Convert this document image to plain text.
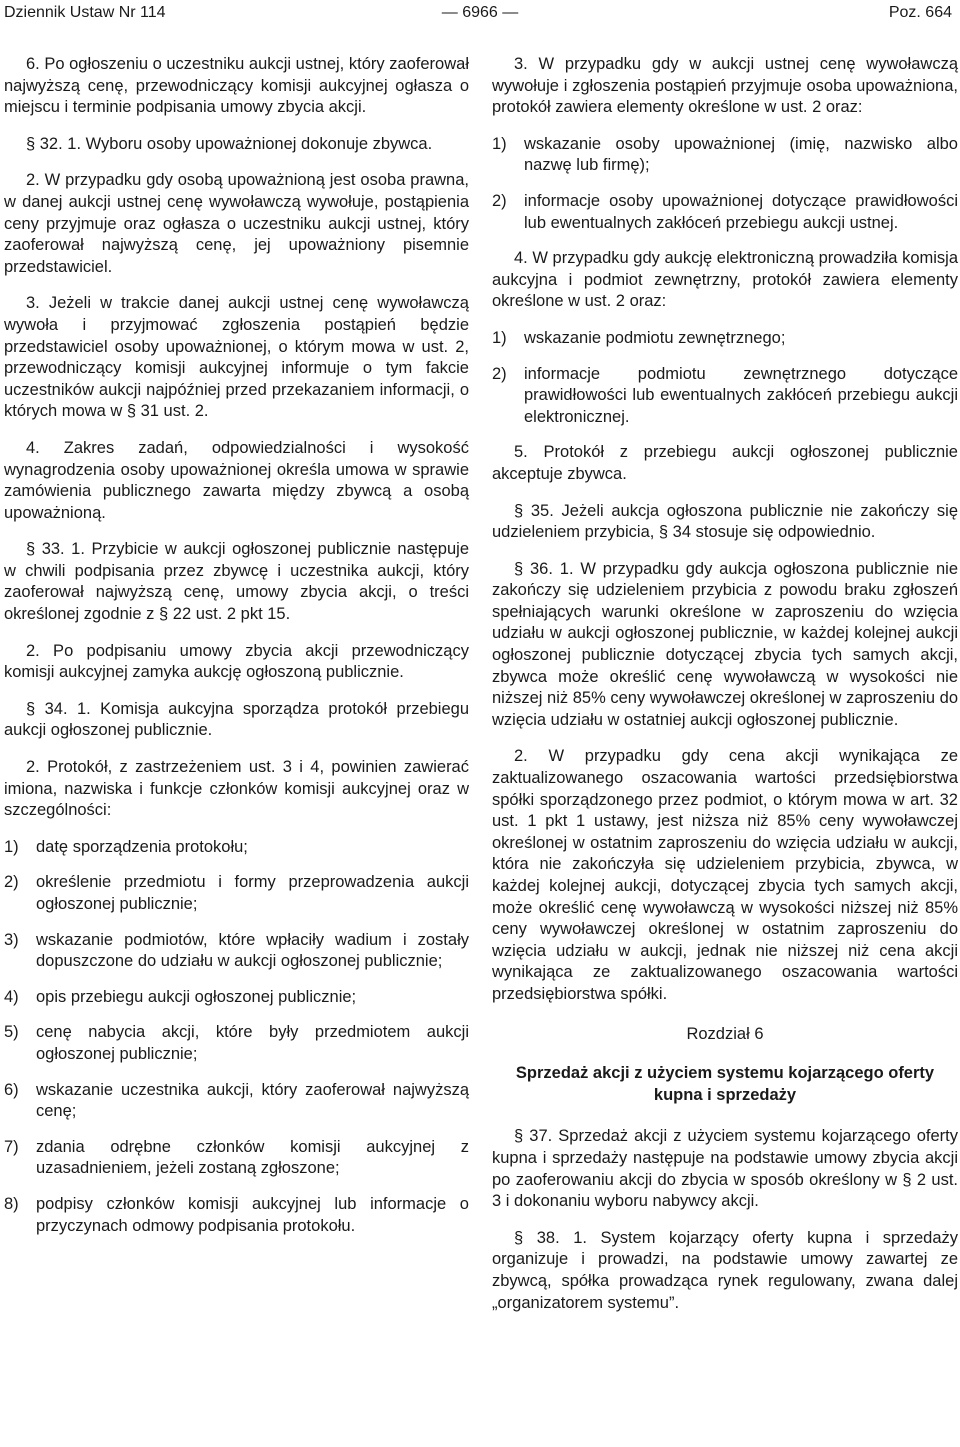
Dziennik Ustaw Nr 114	— 6966 —	Poz. 664

6. Po ogłoszeniu o uczestniku aukcji ustnej, który zaoferował najwyższą cenę, przewodniczący komisji aukcyjnej ogłasza o miejscu i terminie podpisania umowy zbycia akcji.

§ 32. 1. Wyboru osoby upoważnionej dokonuje zbywca.

2. W przypadku gdy osobą upoważnioną jest osoba prawna, w danej aukcji ustnej cenę wywoławczą wywołuje, postąpienia ceny przyjmuje oraz ogłasza o uczestniku aukcji ustnej, który zaoferował najwyższą cenę, jej upoważniony pisemnie przedstawiciel.

3. Jeżeli w trakcie danej aukcji ustnej cenę wywoławczą wywoła i przyjmować zgłoszenia postąpień będzie przedstawiciel osoby upoważnionej, o którym mowa w ust. 2, przewodniczący komisji aukcyjnej informuje o tym fakcie uczestników aukcji najpóźniej przed przekazaniem informacji, o których mowa w § 31 ust. 2.

4. Zakres zadań, odpowiedzialności i wysokość wynagrodzenia osoby upoważnionej określa umowa w sprawie zamówienia publicznego zawarta między zbywcą a osobą upoważnioną.

§ 33. 1. Przybicie w aukcji ogłoszonej publicznie następuje w chwili podpisania przez zbywcę i uczestnika aukcji, który zaoferował najwyższą cenę, umowy zbycia akcji, o treści określonej zgodnie z § 22 ust. 2 pkt 15.

2. Po podpisaniu umowy zbycia akcji przewodniczący komisji aukcyjnej zamyka aukcję ogłoszoną publicznie.

§ 34. 1. Komisja aukcyjna sporządza protokół przebiegu aukcji ogłoszonej publicznie.

2. Protokół, z zastrzeżeniem ust. 3 i 4, powinien zawierać imiona, nazwiska i funkcje członków komisji aukcyjnej oraz w szczególności:

1)	datę sporządzenia protokołu;
2)	określenie przedmiotu i formy przeprowadzenia aukcji ogłoszonej publicznie;
3)	wskazanie podmiotów, które wpłaciły wadium i zostały dopuszczone do udziału w aukcji ogłoszonej publicznie;
4)	opis przebiegu aukcji ogłoszonej publicznie;
5)	cenę nabycia akcji, które były przedmiotem aukcji ogłoszonej publicznie;
6)	wskazanie uczestnika aukcji, który zaoferował najwyższą cenę;
7)	zdania odrębne członków komisji aukcyjnej z uzasadnieniem, jeżeli zostaną zgłoszone;
8)	podpisy członków komisji aukcyjnej lub informacje o przyczynach odmowy podpisania protokołu.

3. W przypadku gdy w aukcji ustnej cenę wywoławczą wywołuje i zgłoszenia postąpień przyjmuje osoba upoważniona, protokół zawiera elementy określone w ust. 2 oraz:

1)	wskazanie osoby upoważnionej (imię, nazwisko albo nazwę lub firmę);
2)	informacje osoby upoważnionej dotyczące prawidłowości lub ewentualnych zakłóceń przebiegu aukcji ustnej.

4. W przypadku gdy aukcję elektroniczną prowadziła komisja aukcyjna i podmiot zewnętrzny, protokół zawiera elementy określone w ust. 2 oraz:

1)	wskazanie podmiotu zewnętrznego;
2)	informacje podmiotu zewnętrznego dotyczące prawidłowości lub ewentualnych zakłóceń przebiegu aukcji elektronicznej.

5. Protokół z przebiegu aukcji ogłoszonej publicznie akceptuje zbywca.

§ 35. Jeżeli aukcja ogłoszona publicznie nie zakończy się udzieleniem przybicia, § 34 stosuje się odpowiednio.

§ 36. 1. W przypadku gdy aukcja ogłoszona publicznie nie zakończy się udzieleniem przybicia z powodu braku zgłoszeń spełniających warunki określone w zaproszeniu do wzięcia udziału w aukcji ogłoszonej publicznie, w każdej kolejnej aukcji ogłoszonej publicznie dotyczącej zbycia tych samych akcji, zbywca może określić cenę wywoławczą w wysokości nie niższej niż 85% ceny wywoławczej określonej w zaproszeniu do wzięcia udziału w ostatniej aukcji ogłoszonej publicznie.

2. W przypadku gdy cena akcji wynikająca ze zaktualizowanego oszacowania wartości przedsiębiorstwa spółki sporządzonego przez podmiot, o którym mowa w art. 32 ust. 1 pkt 1 ustawy, jest niższa niż 85% ceny wywoławczej określonej w ostatnim zaproszeniu do wzięcia udziału w aukcji, która nie zakończyła się udzieleniem przybicia, zbywca, w każdej kolejnej aukcji, dotyczącej zbycia tych samych akcji, może określić cenę wywoławczą w wysokości niższej niż 85% ceny wywoławczej określonej w ostatnim zaproszeniu do wzięcia udziału w aukcji, jednak nie niższej niż cena akcji wynikająca ze zaktualizowanego oszacowania wartości przedsiębiorstwa spółki.

Rozdział 6
Sprzedaż akcji z użyciem systemu kojarzącego oferty kupna i sprzedaży

§ 37. Sprzedaż akcji z użyciem systemu kojarzącego oferty kupna i sprzedaży następuje na podstawie umowy zbycia akcji po zaoferowaniu akcji do zbycia w sposób określony w § 2 ust. 3 i dokonaniu wyboru nabywcy akcji.

§ 38. 1. System kojarzący oferty kupna i sprzedaży organizuje i prowadzi, na podstawie umowy zawartej ze zbywcą, spółka prowadząca rynek regulowany, zwana dalej „organizatorem systemu”.
